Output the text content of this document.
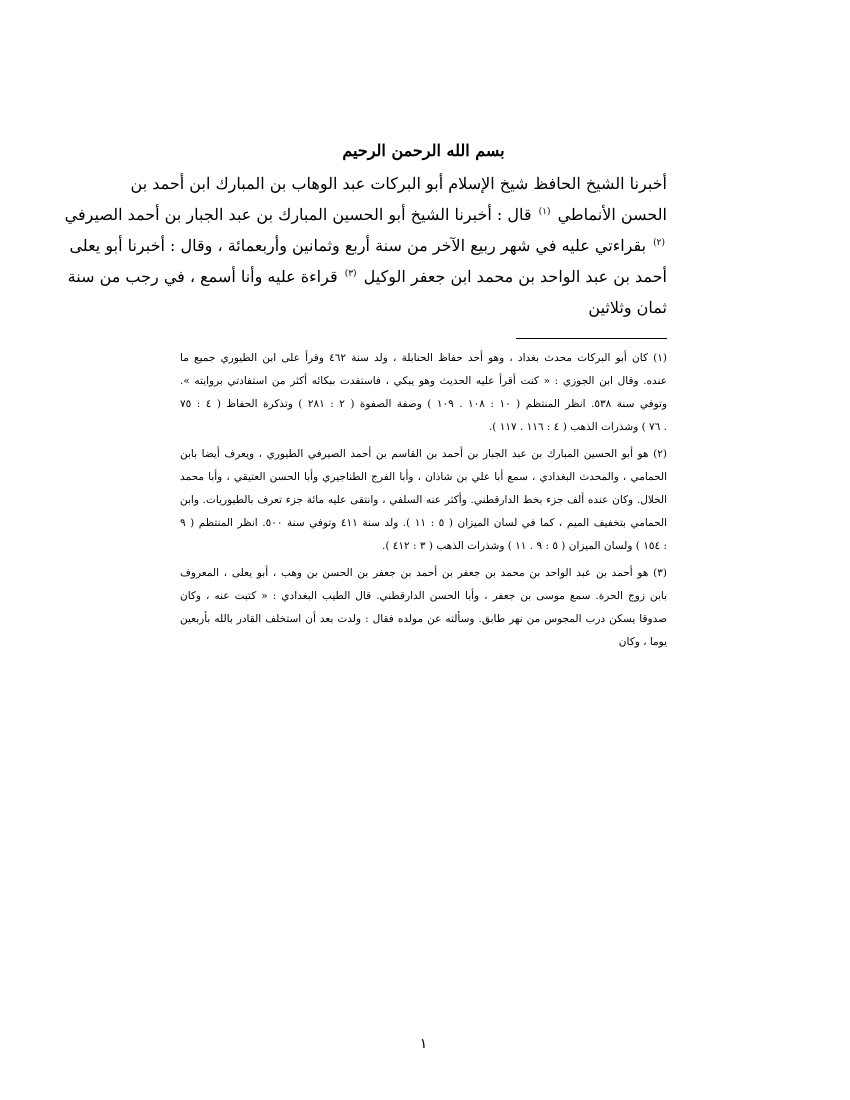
بسم الله الرحمن الرحيم
أخبرنا الشيخ الحافظ شيخ الإسلام أبو البركات عبد الوهاب بن المبارك ابن أحمد بن
الحسن الأنماطي $^{(١)}$ قال : أخبرنا الشيخ أبو الحسين المبارك بن عبد الجبار بن أحمد الصيرفي
$^{(٢)}$ بقراءتي عليه في شهر ربيع الآخر من سنة أربع وثمانين وأربعمائة ، وقال : أخبرنا أبو يعلى
أحمد بن عبد الواحد بن محمد ابن جعفر الوكيل $^{(٣)}$ قراءة عليه وأنا أسمع ، في رجب من سنة
ثمان وثلاثين
(١) كان أبو البركات محدث بغداد ، وهو أحد حفاظ الحنابلة ، ولد سنة ٤٦٢ وقرأ على ابن الطيوري جميع ما
عنده. وقال ابن الجوزي : « كنت أقرأ عليه الحديث وهو يبكي ، فاستفدت ببكائه أكثر من استفادتي بروايته ».
وتوفي سنة ٥٣٨. انظر المنتظم ( ١٠ : ١٠٨ . ١٠٩ ) وصفة الصفوة ( ٢ : ٢٨١ ) وتذكرة الحفاظ ( ٤ : ٧٥
. ٧٦ ) وشذرات الذهب ( ٤ : ١١٦ . ١١٧ ).
(٢) هو أبو الحسين المبارك بن عبد الجبار بن أحمد بن القاسم بن أحمد الصيرفي الطيوري ، ويعرف أيضا بابن
الحمامي ، والمحدث البغدادي ، سمع أبا علي بن شاذان ، وأبا الفرج الطناجيري وأبا الحسن العتيقي ، وأبا محمد
الخلال. وكان عنده ألف جزء بخط الدارقطني. وأكثر عنه السلفي ، وانتقى عليه مائة جزء تعرف بالطيوريات. وابن
الحمامي بتخفيف الميم ، كما في لسان الميزان ( ٥ : ١١ ). ولد سنة ٤١١ وتوفي سنة ٥٠٠. انظر المنتظم ( ٩
: ١٥٤ ) ولسان الميزان ( ٥ : ٩ . ١١ ) وشذرات الذهب ( ٣ : ٤١٢ ).
(٣) هو أحمد بن عبد الواحد بن محمد بن جعفر بن أحمد بن جعفر بن الحسن بن وهب ، أبو يعلى ، المعروف
بابن زوج الحرة. سمع موسى بن جعفر ، وأبا الحسن الدارقطني. قال الطيب البغدادي : « كتبت عنه ، وكان
صدوقا يسكن درب المجوس من نهر طابق. وسألته عن مولده فقال : ولدت بعد أن استخلف القادر بالله بأربعين
يوما ، وكان
١
